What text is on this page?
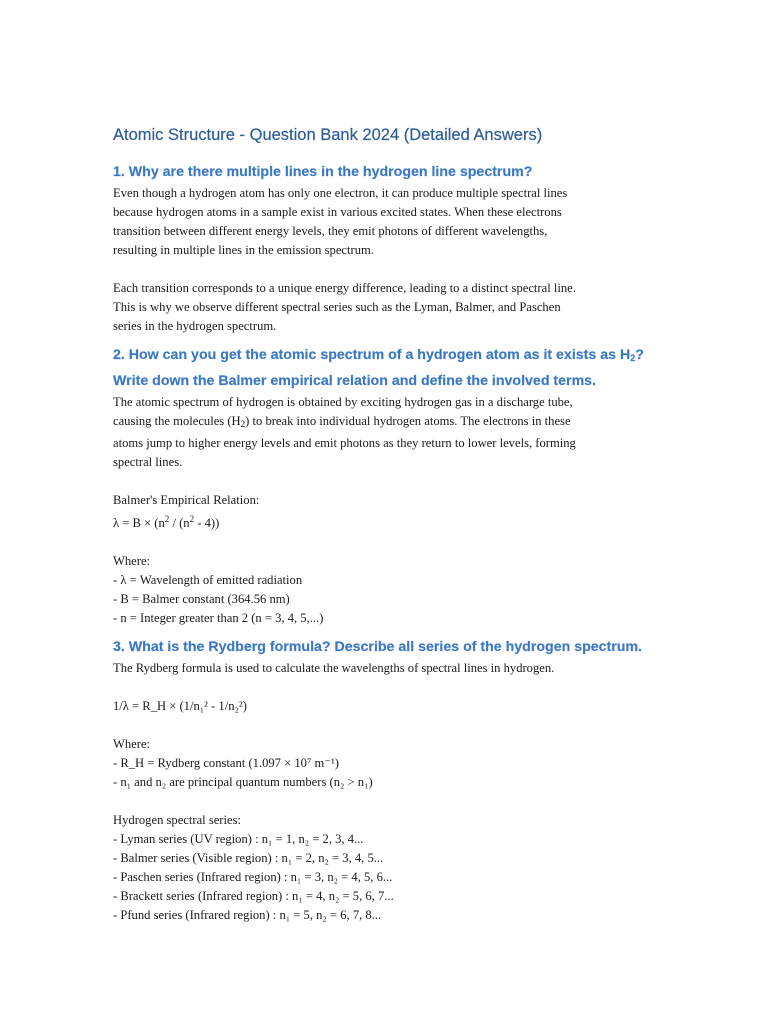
Atomic Structure - Question Bank 2024 (Detailed Answers)
1. Why are there multiple lines in the hydrogen line spectrum?

Even though a hydrogen atom has only one electron, it can produce multiple spectral lines

because hydrogen atoms in a sample exist in various excited states. When these electrons

transition between different energy levels, they emit photons of different wavelengths,

resulting in multiple lines in the emission spectrum.

Each transition corresponds to a unique energy difference, leading to a distinct spectral line.

This is why we observe different spectral series such as the Lyman, Balmer, and Paschen

series in the hydrogen spectrum.

2. How can you get the atomic spectrum of a hydrogen atom as it exists as $H_2$?
Write down the Balmer empirical relation and define the involved terms.

The atomic spectrum of hydrogen is obtained by exciting hydrogen gas in a discharge tube,

causing the molecules $(H_2)$ to break into individual hydrogen atoms. The electrons in these

atoms jump to higher energy levels and emit photons as they return to lower levels, forming

spectral lines.

Balmer's Empirical Relation:

$\lambda = B \times (n^2 / (n^2 - 4))$

Where:

- λ = Wavelength of emitted radiation

- B = Balmer constant (364.56 nm)

- n = Integer greater than 2 (n = 3, 4, 5,...)

3. What is the Rydberg formula? Describe all series of the hydrogen spectrum.

The Rydberg formula is used to calculate the wavelengths of spectral lines in hydrogen.

1/λ = R_H × (1/n₁² - 1/n₂²)

Where:

- R_H = Rydberg constant (1.097 × 10⁷ m⁻¹)

- n₁ and n₂ are principal quantum numbers (n₂ > n₁)

Hydrogen spectral series:

- Lyman series (UV region) : n₁ = 1, n₂ = 2, 3, 4...

- Balmer series (Visible region) : n₁ = 2, n₂ = 3, 4, 5...

- Paschen series (Infrared region) : n₁ = 3, n₂ = 4, 5, 6...

- Brackett series (Infrared region) : n₁ = 4, n₂ = 5, 6, 7...

- Pfund series (Infrared region) : n₁ = 5, n₂ = 6, 7, 8...
